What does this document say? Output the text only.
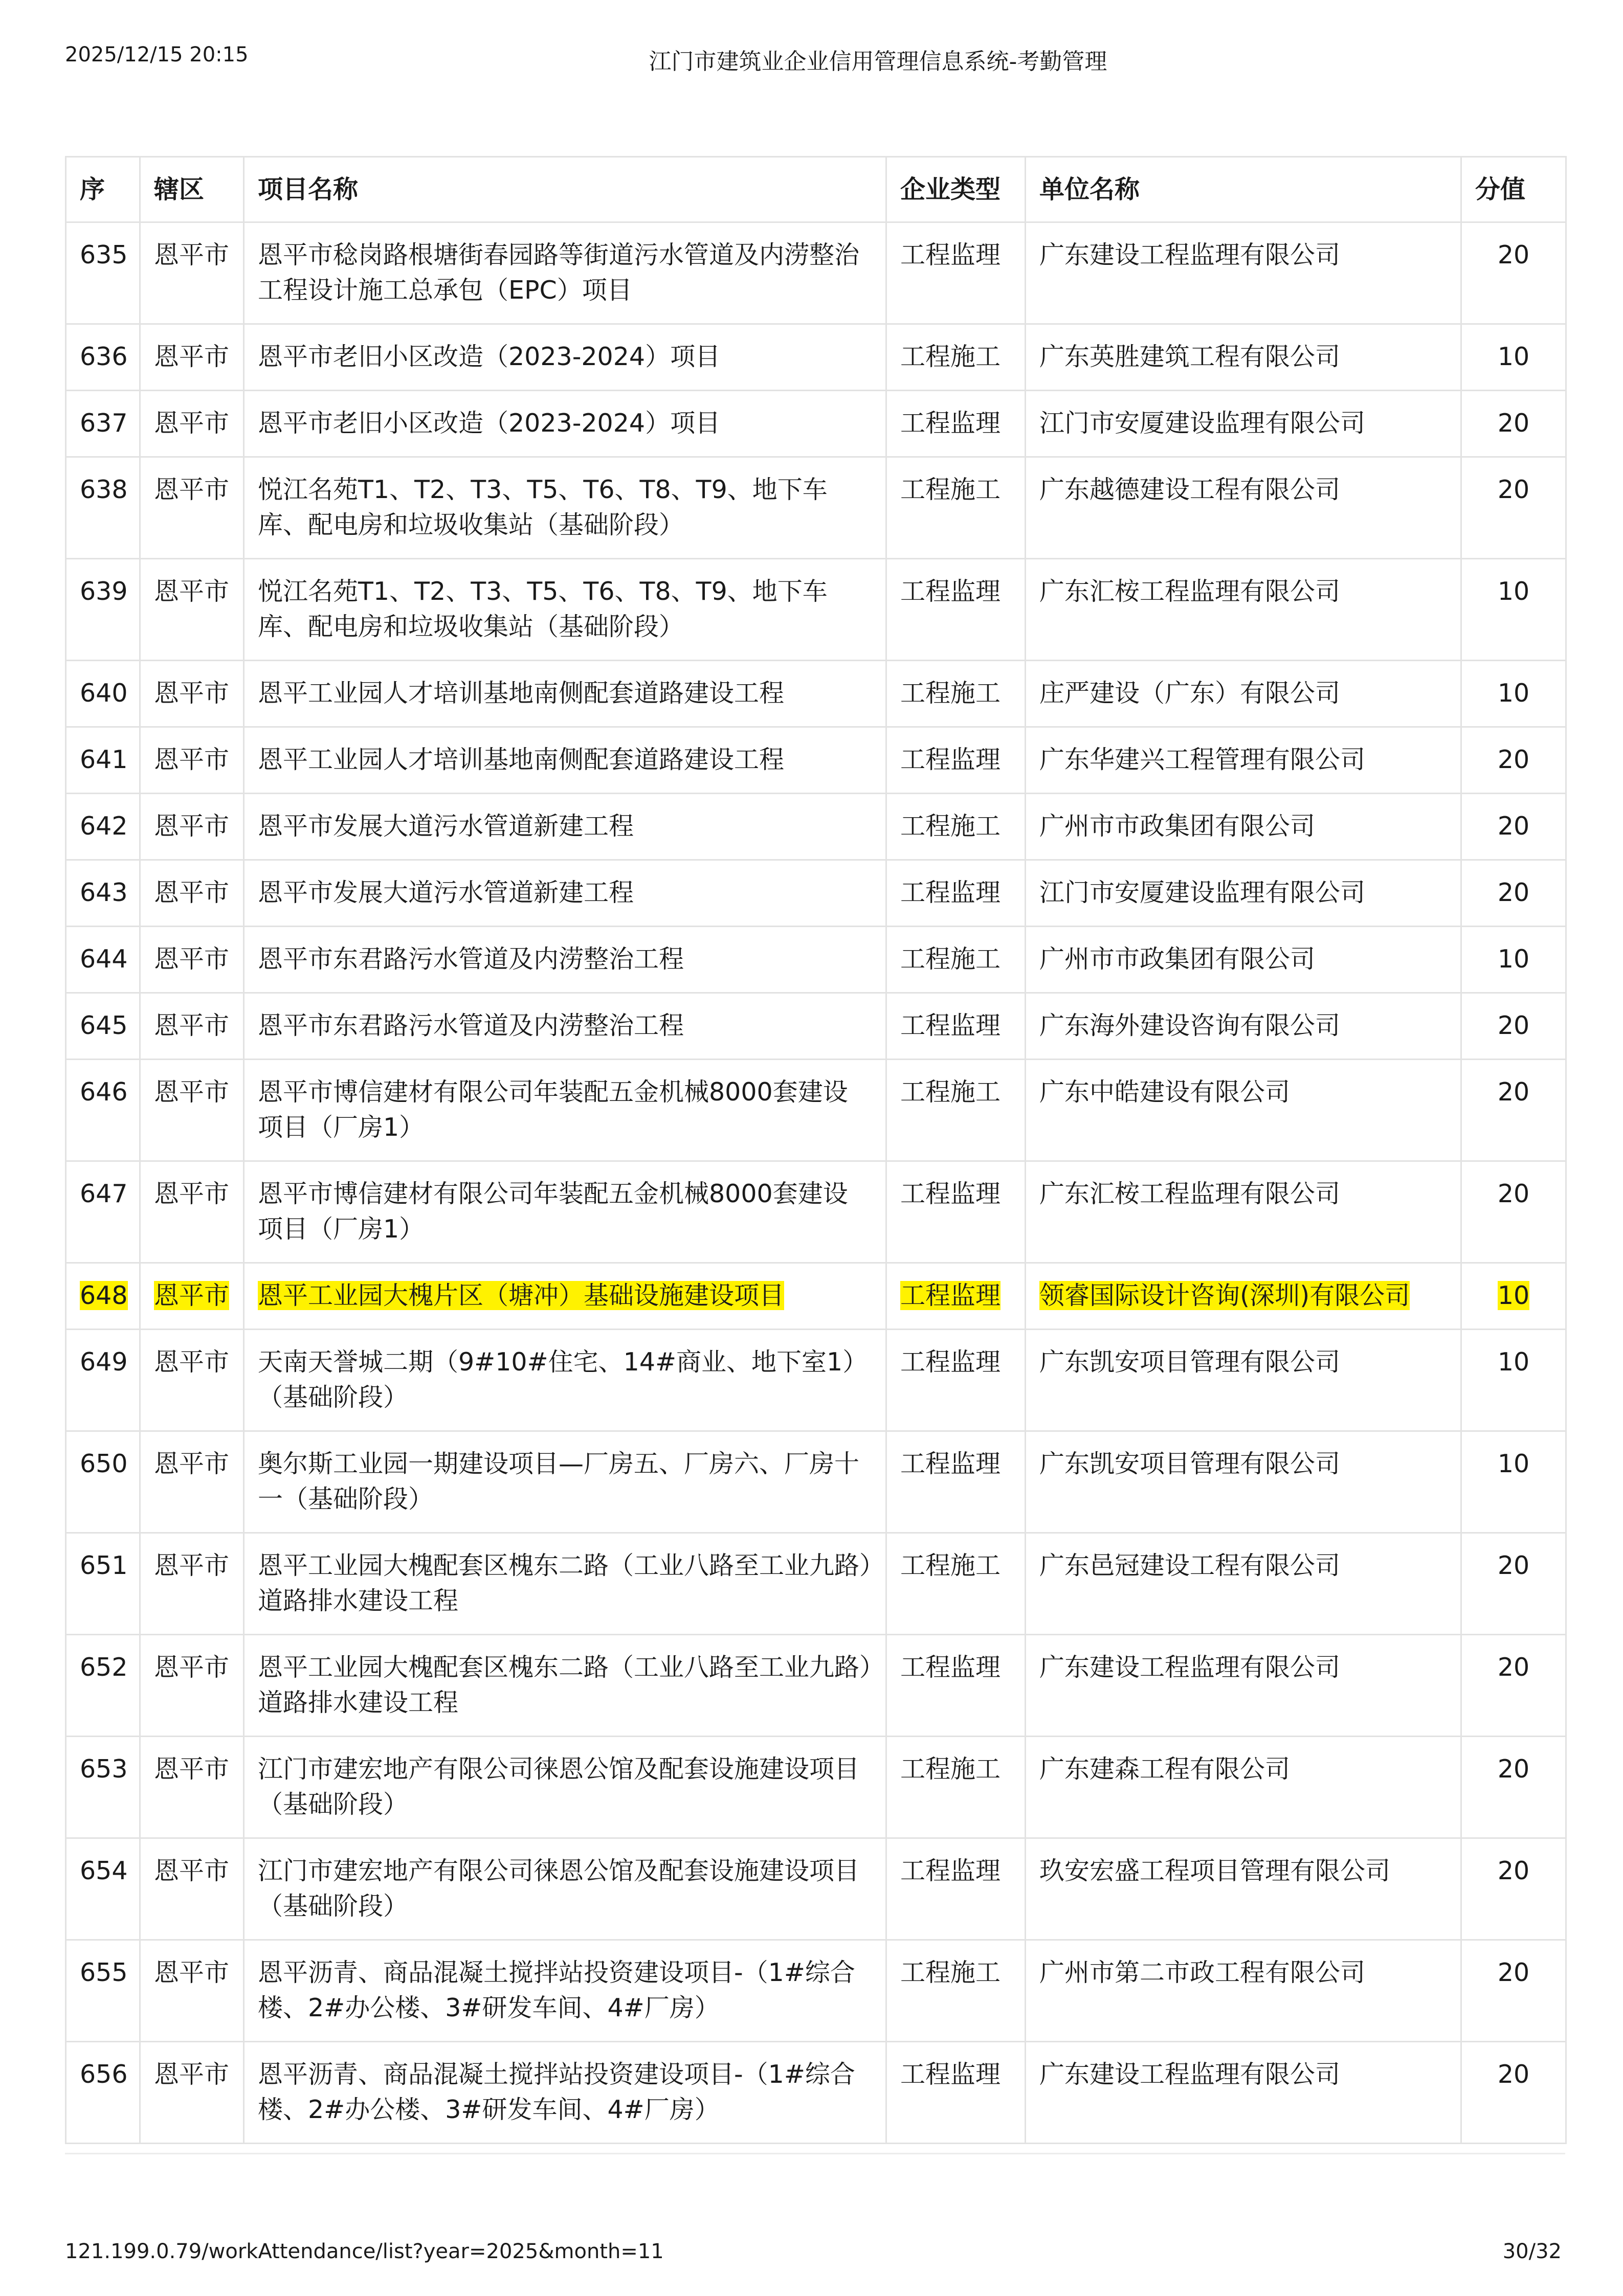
2025/12/15 20:15	江门市建筑业企业信用管理信息系统-考勤管理
序	辖区	项目名称	企业类型	单位名称	分值
635	恩平市	恩平市稔岗路根塘街春园路等街道污水管道及内涝整治工程设计施工总承包（EPC）项目	工程监理	广东建设工程监理有限公司	20
636	恩平市	恩平市老旧小区改造（2023-2024）项目	工程施工	广东英胜建筑工程有限公司	10
637	恩平市	恩平市老旧小区改造（2023-2024）项目	工程监理	江门市安厦建设监理有限公司	20
638	恩平市	悦江名苑T1、T2、T3、T5、T6、T8、T9、地下车库、配电房和垃圾收集站（基础阶段）	工程施工	广东越德建设工程有限公司	20
639	恩平市	悦江名苑T1、T2、T3、T5、T6、T8、T9、地下车库、配电房和垃圾收集站（基础阶段）	工程监理	广东汇桉工程监理有限公司	10
640	恩平市	恩平工业园人才培训基地南侧配套道路建设工程	工程施工	庄严建设（广东）有限公司	10
641	恩平市	恩平工业园人才培训基地南侧配套道路建设工程	工程监理	广东华建兴工程管理有限公司	20
642	恩平市	恩平市发展大道污水管道新建工程	工程施工	广州市市政集团有限公司	20
643	恩平市	恩平市发展大道污水管道新建工程	工程监理	江门市安厦建设监理有限公司	20
644	恩平市	恩平市东君路污水管道及内涝整治工程	工程施工	广州市市政集团有限公司	10
645	恩平市	恩平市东君路污水管道及内涝整治工程	工程监理	广东海外建设咨询有限公司	20
646	恩平市	恩平市博信建材有限公司年装配五金机械8000套建设项目（厂房1）	工程施工	广东中皓建设有限公司	20
647	恩平市	恩平市博信建材有限公司年装配五金机械8000套建设项目（厂房1）	工程监理	广东汇桉工程监理有限公司	20
648	恩平市	恩平工业园大槐片区（塘冲）基础设施建设项目	工程监理	领睿国际设计咨询(深圳)有限公司	10
649	恩平市	天南天誉城二期（9#10#住宅、14#商业、地下室1）（基础阶段）	工程监理	广东凯安项目管理有限公司	10
650	恩平市	奥尔斯工业园一期建设项目—厂房五、厂房六、厂房十一（基础阶段）	工程监理	广东凯安项目管理有限公司	10
651	恩平市	恩平工业园大槐配套区槐东二路（工业八路至工业九路）道路排水建设工程	工程施工	广东邑冠建设工程有限公司	20
652	恩平市	恩平工业园大槐配套区槐东二路（工业八路至工业九路）道路排水建设工程	工程监理	广东建设工程监理有限公司	20
653	恩平市	江门市建宏地产有限公司徕恩公馆及配套设施建设项目（基础阶段）	工程施工	广东建森工程有限公司	20
654	恩平市	江门市建宏地产有限公司徕恩公馆及配套设施建设项目（基础阶段）	工程监理	玖安宏盛工程项目管理有限公司	20
655	恩平市	恩平沥青、商品混凝土搅拌站投资建设项目-（1#综合楼、2#办公楼、3#研发车间、4#厂房）	工程施工	广州市第二市政工程有限公司	20
656	恩平市	恩平沥青、商品混凝土搅拌站投资建设项目-（1#综合楼、2#办公楼、3#研发车间、4#厂房）	工程监理	广东建设工程监理有限公司	20
121.199.0.79/workAttendance/list?year=2025&month=11	30/32
